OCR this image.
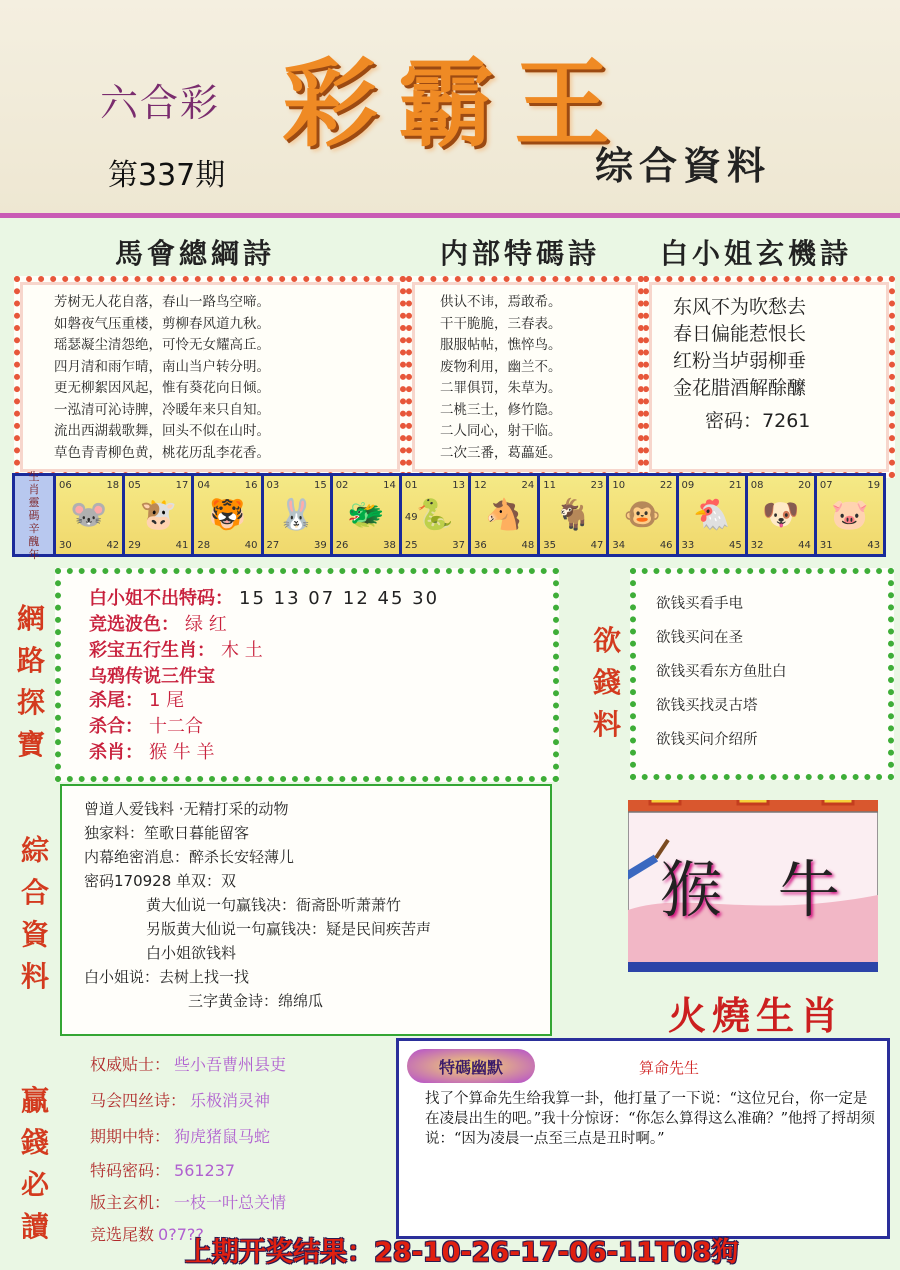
六合彩 彩霸王
第337期	综合資料
馬會總綱詩	内部特碼詩 白小姐玄機詩
芳树无人花自落，春山一路鸟空啼。
如磐夜气压重楼，剪柳春风道九秋。
瑶瑟凝尘清怨绝，可怜无女耀高丘。
四月清和雨乍晴，南山当户转分明。
更无柳絮因风起，惟有葵花向日倾。
一泓清可沁诗脾，冷暖年来只自知。
流出西湖载歌舞，回头不似在山时。
草色青青柳色黄，桃花历乱李花香。
供认不讳，焉敢希。
干干脆脆，三春表。
服服帖帖，憔悴鸟。
废物利用，幽兰不。
二罪俱罚，朱草为。
二桃三士，修竹隐。
二人同心，射干临。
二次三番，葛藟延。
东风不为吹愁去
春日偏能惹恨长
红粉当垆弱柳垂
金花腊酒解酴醿
密码：7261
生
肖
靈
碼
辛
醜
年
06	18
30	42
🐭
05	17
29	41
🐮
04	16
28	40
🐯
03	15
27	39
🐰
02	14
26	38
🐲
01	13
25	37
49
🐍
12	24
36	48
🐴
11	23
35	47
🐐
10	22
34	46
🐵
09	21
33	45
🐔
08	20
32	44
🐶
07	19
31	43
🐷
網
路
探
寶
白小姐不出特码： 15 13 07 12 45 30
竞选波色： 绿 红
彩宝五行生肖： 木 土
乌鸦传说三件宝
杀尾： 1 尾
杀合： 十二合
杀肖： 猴 牛 羊
欲
錢
料
欲钱买看手电
欲钱买问在圣
欲钱买看东方鱼肚白
欲钱买找灵古塔
欲钱买问介绍所
綜
合
資
料
曾道人爱钱料 ·无精打采的动物
独家料：笙歌日暮能留客
内幕绝密消息：醉杀长安轻薄儿
密码170928 单双：双
黄大仙说一句赢钱决：衙斋卧听萧萧竹
另版黄大仙说一句赢钱决：疑是民间疾苦声
白小姐欲钱料
白小姐说：去树上找一找
三字黄金诗：绵绵瓜
猴 牛
火燒生肖
贏
錢
必
讀
权威贴士： 些小吾曹州县吏
马会四丝诗： 乐极消灵神
期期中特： 狗虎猪鼠马蛇
特码密码： 561237
版主玄机： 一枝一叶总关情
竞选尾数 0?7??
特碼幽默	算命先生
找了个算命先生给我算一卦，他打量了一下说：“这位兄台，你一定是在凌晨出生的吧。”我十分惊讶：“你怎么算得这么准确？”他捋了捋胡须说：“因为凌晨一点至三点是丑时啊。”
上期开奖结果：28-10-26-17-06-11T08狗
